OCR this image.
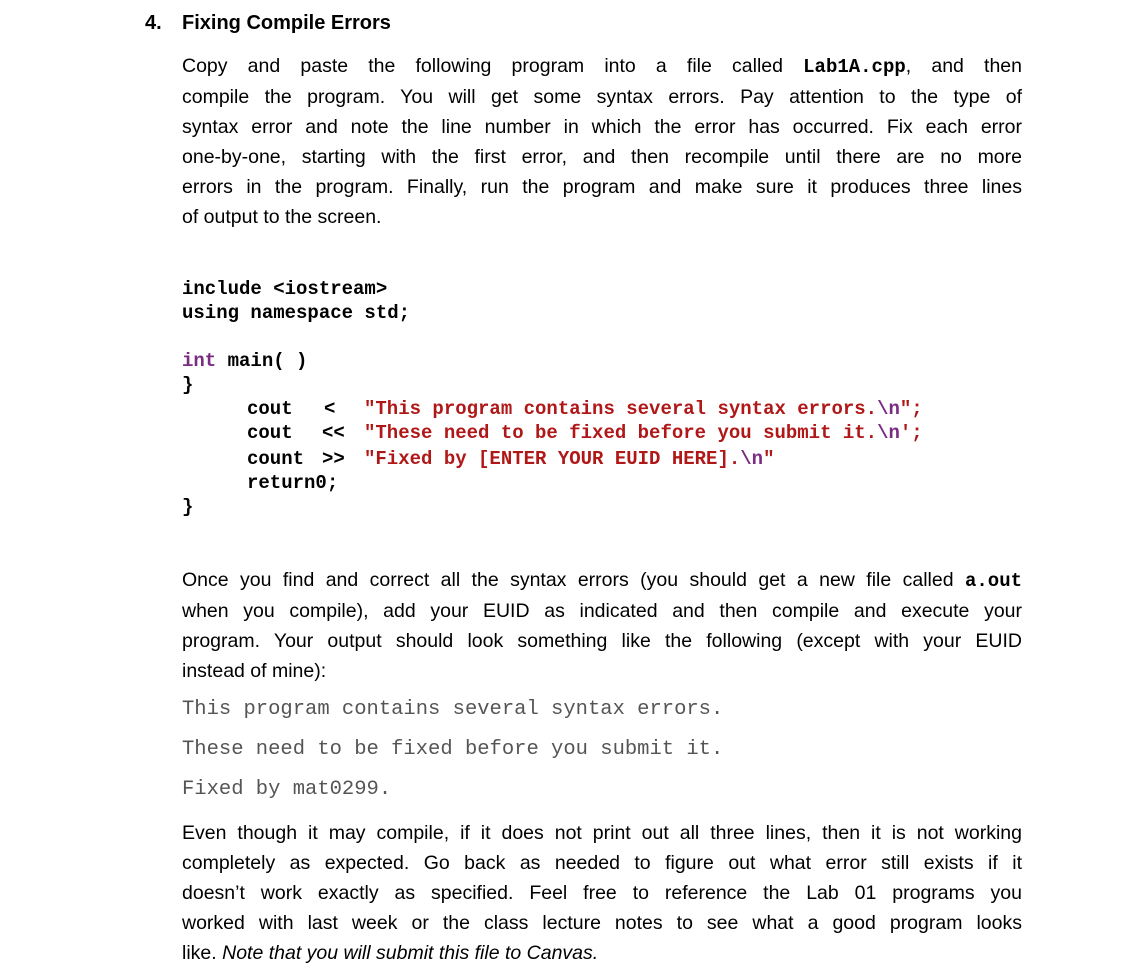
4. Fixing Compile Errors
Copy and paste the following program into a file called Lab1A.cpp, and then
compile the program. You will get some syntax errors. Pay attention to the type of
syntax error and note the line number in which the error has occurred. Fix each error
one-by-one, starting with the first error, and then recompile until there are no more
errors in the program. Finally, run the program and make sure it produces three lines
of output to the screen.
include <iostream>
using namespace std;
int main( )
}
cout < "This program contains several syntax errors.\n";
cout << "These need to be fixed before you submit it.\n';
count >> "Fixed by [ENTER YOUR EUID HERE].\n"
return0;
}
Once you find and correct all the syntax errors (you should get a new file called a.out
when you compile), add your EUID as indicated and then compile and execute your
program. Your output should look something like the following (except with your EUID
instead of mine):
This program contains several syntax errors.
These need to be fixed before you submit it.
Fixed by mat0299.
Even though it may compile, if it does not print out all three lines, then it is not working
completely as expected. Go back as needed to figure out what error still exists if it
doesn’t work exactly as specified. Feel free to reference the Lab 01 programs you
worked with last week or the class lecture notes to see what a good program looks
like. Note that you will submit this file to Canvas.
